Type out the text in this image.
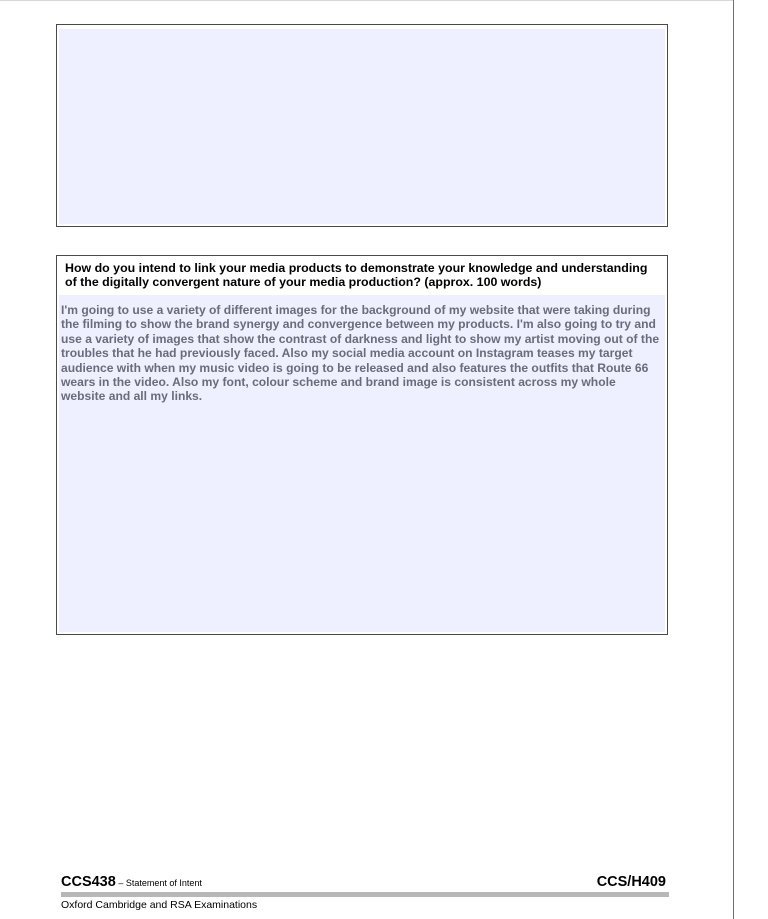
How do you intend to link your media products to demonstrate your knowledge and understanding of the digitally convergent nature of your media production? (approx. 100 words)
I'm going to use a variety of different images for the background of my website that were taking during the filming to show the brand synergy and convergence between my products. I'm also going to try and use a variety of images that show the contrast of darkness and light to show my artist moving out of the troubles that he had previously faced. Also my social media account on Instagram teases my target audience with when my music video is going to be released and also features the outfits that Route 66 wears in the video. Also my font, colour scheme and brand image is consistent across my whole website and all my links.
CCS438 – Statement of Intent	CCS/H409
Oxford Cambridge and RSA Examinations
